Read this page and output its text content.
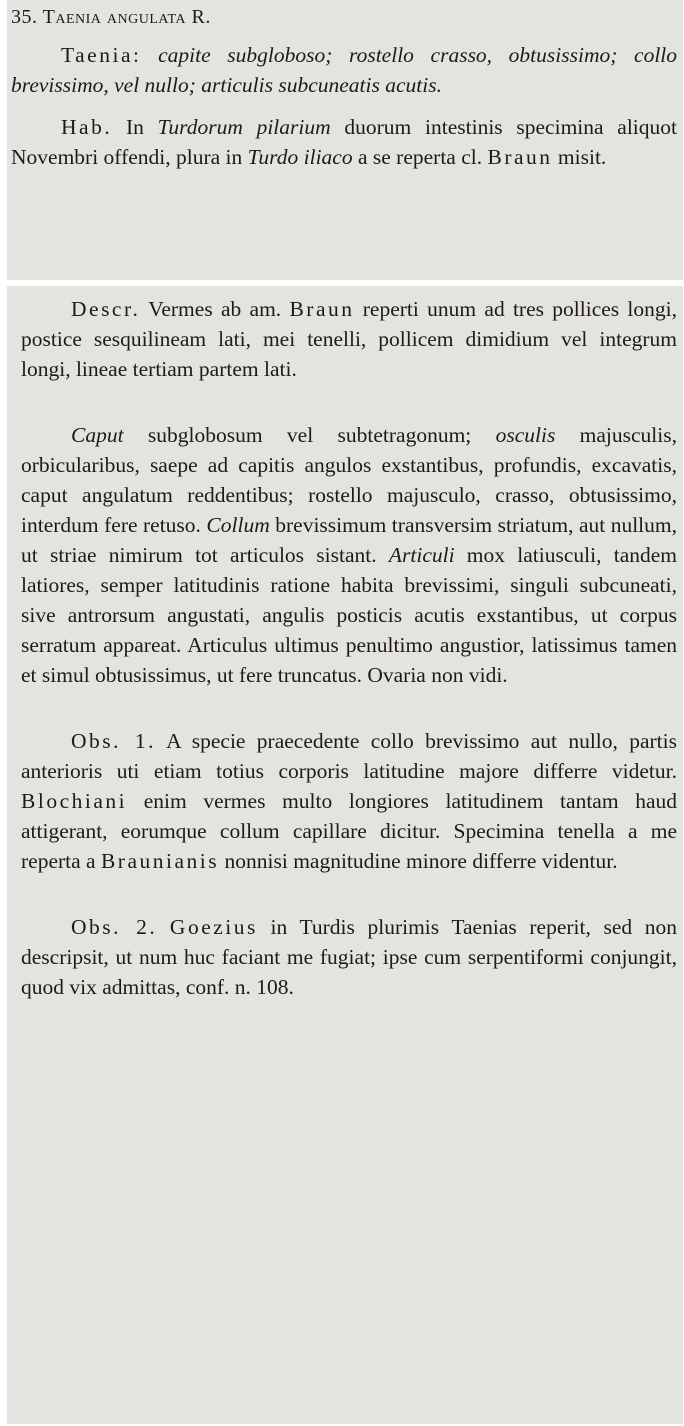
35. Taenia angulata R.

Taenia: capite subgloboso; rostello crasso, obtusissimo; collo brevissimo, vel nullo; articulis subcuneatis acutis.

Hab. In Turdorum pilarium duorum intestinis specimina aliquot Novembri offendi, plura in Turdo iliaco a se reperta cl. Braun misit.

Descr. Vermes ab am. Braun reperti unum ad tres pollices longi, postice sesquilineam lati, mei tenelli, pollicem dimidium vel integrum longi, lineae tertiam partem lati.

Caput subglobosum vel subtetragonum; osculis majusculis, orbicularibus, saepe ad capitis angulos exstantibus, profundis, excavatis, caput angulatum reddentibus; rostello majusculo, crasso, obtusissimo, interdum fere retuso. Collum brevissimum transversim striatum, aut nullum, ut striae nimirum tot articulos sistant. Articuli mox latiusculi, tandem latiores, semper latitudinis ratione habita brevissimi, singuli subcuneati, sive antrorsum angustati, angulis posticis acutis exstantibus, ut corpus serratum appareat. Articulus ultimus penultimo angustior, latissimus tamen et simul obtusissimus, ut fere truncatus. Ovaria non vidi.

Obs. 1. A specie praecedente collo brevissimo aut nullo, partis anterioris uti etiam totius corporis latitudine majore differre videtur. Blochiani enim vermes multo longiores latitudinem tantam haud attigerant, eorumque collum capillare dicitur. Specimina tenella a me reperta a Braunianis nonnisi magnitudine minore differre videntur.

Obs. 2. Goezius in Turdis plurimis Taenias reperit, sed non descripsit, ut num huc faciant me fugiat; ipse cum serpentiformi conjungit, quod vix admittas, conf. n. 108.
